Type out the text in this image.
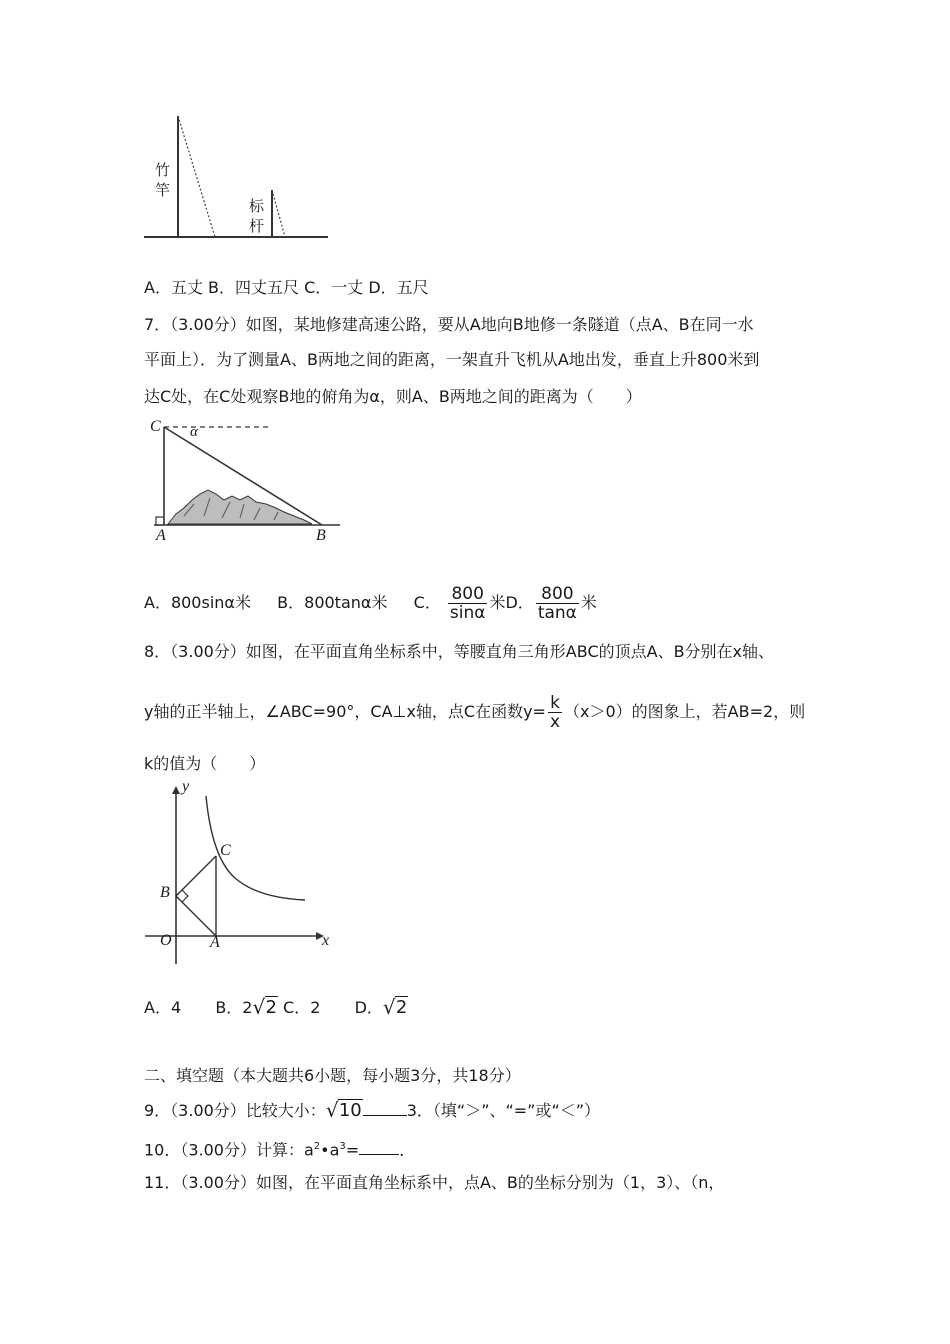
竹竿
标杆
A．五丈 B．四丈五尺 C．一丈 D．五尺
7．（3.00分）如图，某地修建高速公路，要从A地向B地修一条隧道（点A、B在同一水
平面上）．为了测量A、B两地之间的距离，一架直升飞机从A地出发，垂直上升800米到
达C处，在C处观察B地的俯角为α，则A、B两地之间的距离为（　　）
C α
A	B
A．800sinα米 B．800tanα米 C． $\frac{800}{\sin\alpha}$ 米D． $\frac{800}{\tan\alpha}$ 米
8．（3.00分）如图，在平面直角坐标系中，等腰直角三角形ABC的顶点A、B分别在x轴、
y轴的正半轴上，∠ABC=90°，CA⊥x轴，点C在函数$y= \frac{k}{x} (x>0)$的图象上，若AB=2，则
k的值为（　　）
y
C
B
O A	x
A．4 B．2 √ 2 C．2 D． √ 2
二、填空题（本大题共6小题，每小题3分，共18分）
9．（3.00分）比较大小： √ 10	3．（填“＞”、“=”或“＜”）
10．（3.00分）计算：$a^2•a^3=$	．
11．（3.00分）如图，在平面直角坐标系中，点A、B的坐标分别为（1，3）、（n，
